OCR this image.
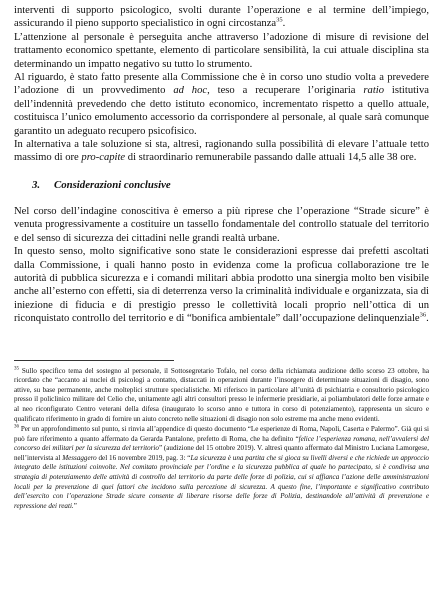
interventi di supporto psicologico, svolti durante l’operazione e al termine dell’impiego, assicurando il pieno supporto specialistico in ogni circostanza$^{35}$.

L’attenzione al personale è perseguita anche attraverso l’adozione di misure di revisione del trattamento economico spettante, elemento di particolare sensibilità, la cui attuale disciplina sta determinando un impatto negativo su tutto lo strumento.

Al riguardo, è stato fatto presente alla Commissione che è in corso uno studio volta a prevedere l’adozione di un provvedimento ad hoc, teso a recuperare l’originaria ratio istitutiva dell’indennità prevedendo che detto istituto economico, incrementato rispetto a quello attuale, costituisca l’unico emolumento accessorio da corrispondere al personale, al quale sarà comunque garantito un adeguato recupero psicofisico.

In alternativa a tale soluzione si sta, altresì, ragionando sulla possibilità di elevare l’attuale tetto massimo di ore pro-capite di straordinario remunerabile passando dalle attuali 14,5 alle 38 ore.

3. Considerazioni conclusive

Nel corso dell’indagine conoscitiva è emerso a più riprese che l’operazione “Strade sicure” è venuta progressivamente a costituire un tassello fondamentale del controllo statuale del territorio e del senso di sicurezza dei cittadini nelle grandi realtà urbane.

In questo senso, molto significative sono state le considerazioni espresse dai prefetti ascoltati dalla Commissione, i quali hanno posto in evidenza come la proficua collaborazione tre le autorità di pubblica sicurezza e i comandi militari abbia prodotto una sinergia molto ben visibile anche all’esterno con effetti, sia di deterrenza verso la criminalità individuale e organizzata, sia di iniezione di fiducia e di prestigio presso le collettività locali proprio nell’ottica di un riconquistato controllo del territorio e di “bonifica ambientale” dall’occupazione delinquenziale$^{36}$.

$^{35}$ Sullo specifico tema del sostegno al personale, il Sottosegretario Tofalo, nel corso della richiamata audizione dello scorso 23 ottobre, ha ricordato che “accanto ai nuclei di psicologi a contatto, distaccati in operazioni durante l’insorgere di determinate situazioni di disagio, sono attive, su base permanente, anche molteplici strutture specialistiche. Mi riferisco in particolare all’unità di psichiatria e consultorio psicologico presso il policlinico militare del Celio che, unitamente agli altri consultori presso le infermerie presidiarie, ai poliambulatori delle forze armate e al neo riconfigurato Centro veterani della difesa (inaugurato lo scorso anno e tuttora in corso di potenziamento), rappresenta un sicuro e qualificato riferimento in grado di fornire un aiuto concreto nelle situazioni di disagio non solo estreme ma anche meno evidenti.

$^{36}$ Per un approfondimento sul punto, si rinvia all’appendice di questo documento “Le esperienze di Roma, Napoli, Caserta e Palermo”. Già qui si può fare riferimento a quanto affermato da Gerarda Pantalone, prefetto di Roma, che ha definito “felice l’esperienza romana, nell’avvalersi del concorso dei militari per la sicurezza del territorio” (audizione del 15 ottobre 2019). V. altresì quanto affermato dal Ministro Luciana Lamorgese, nell’intervista al Messaggero del 16 novembre 2019, pag. 3: “La sicurezza è una partita che si gioca su livelli diversi e che richiede un approccio integrato delle istituzioni coinvolte. Nel comitato provinciale per l’ordine e la sicurezza pubblica al quale ho partecipato, si è condivisa una strategia di potenziamento delle attività di controllo del territorio da parte delle forze di polizia, cui si affianca l’azione delle amministrazioni locali per la prevenzione di quei fattori che incidono sulla percezione di sicurezza. A questo fine, l’importante e significativo contributo dell’esercito con l’operazione Strade sicure consente di liberare risorse delle forze di Polizia, destinandole all’attività di prevenzione e repressione dei reati.”
